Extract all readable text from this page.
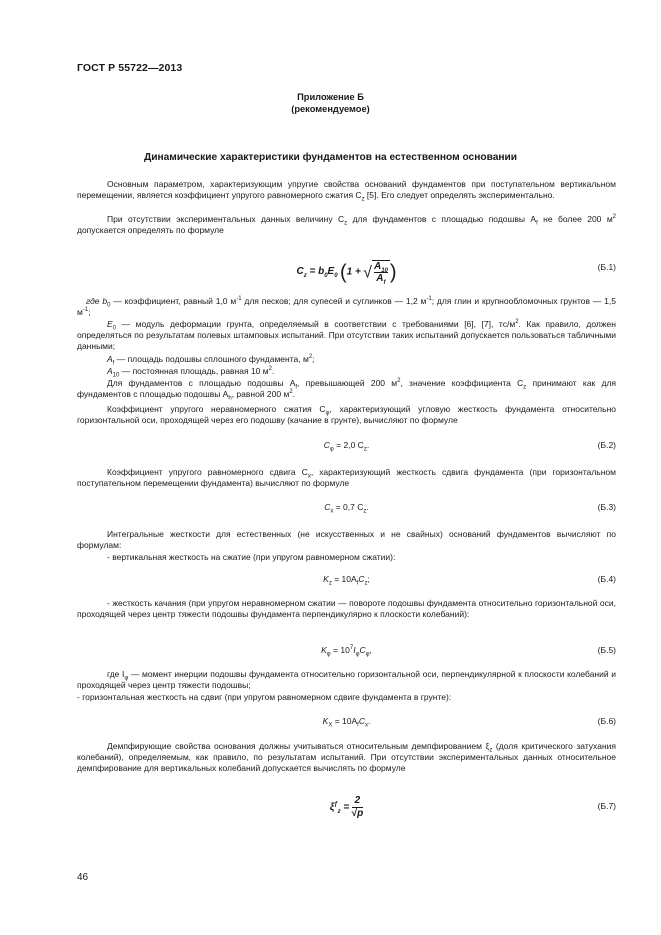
ГОСТ Р 55722—2013
Приложение Б
(рекомендуемое)
Динамические характеристики фундаментов на естественном основании

Основным параметром, характеризующим упругие свойства оснований фундаментов при поступательном вертикальном перемещении, является коэффициент упругого равномерного сжатия $C_z$ [5]. Его следует определять экспериментально.

При отсутствии экспериментальных данных величину $C_z$ для фундаментов с площадью подошвы $A_f$ не более 200 $м^2$ допускается определять по формуле

$C_z = b_0E_0$ (1 + √ $\frac{A_{10}}{A_f}$ )	(Б.1)

где $b_0$ — коэффициент, равный 1,0 $м^{-1}$ для песков; для супесей и суглинков — 1,2 $м^{-1}$; для глин и крупнообломочных грунтов — 1,5 $м^{-1}$;

$E_0$ — модуль деформации грунта, определяемый в соответствии с требованиями [6], [7], $тс/м^2$. Как правило, должен определяться по результатам полевых штамповых испытаний. При отсутствии таких испытаний допускается пользоваться табличными данными;

$A_f$ — площадь подошвы сплошного фундамента, $м^2$;

$A_{10}$ — постоянная площадь, равная 10 $м^2$.

Для фундаментов с площадью подошвы $A_f$, превышающей 200 $м^2$, значение коэффициента $C_z$ принимают как для фундаментов с площадью подошвы $A_h$, равной 200 $м^2$.

Коэффициент упругого неравномерного сжатия $C_\varphi$, характеризующий угловую жесткость фундамента относительно горизонтальной оси, проходящей через его подошву (качание в грунте), вычисляют по формуле

$C_\varphi = 2,0$ $C_z$.	(Б.2)

Коэффициент упругого равномерного сдвига $C_x$, характеризующий жесткость сдвига фундамента (при горизонтальном поступательном перемещении фундамента) вычисляют по формуле

$C_x = 0,7$ $C_z$.	(Б.3)

Интегральные жесткости для естественных (не искусственных и не свайных) оснований фундаментов вычисляют по формулам:

- вертикальная жесткость на сжатие (при упругом равномерном сжатии):

$K_z = 10A_fC_z$;	(Б.4)

- жесткость качания (при упругом неравномерном сжатии — повороте подошвы фундамента относительно горизонтальной оси, проходящей через центр тяжести подошвы фундамента перпендикулярно к плоскости колебаний):

$K_\varphi = 10^7I_\varphi C_\varphi$,	(Б.5)

где $I_\varphi$ — момент инерции подошвы фундамента относительно горизонтальной оси, перпендикулярной к плоскости колебаний и проходящей через центр тяжести подошвы;

- горизонтальная жесткость на сдвиг (при упругом равномерном сдвиге фундамента в грунте):

$K_X = 10A_fC_x$.	(Б.6)

Демпфирующие свойства основания должны учитываться относительным демпфированием $\xi_z$ (доля критического затухания колебаний), определяемым, как правило, по результатам испытаний. При отсутствии экспериментальных данных относительное демпфирование для вертикальных колебаний допускается вычислять по формуле

$\xi^ƒ_z = \frac{2}{√p}$	(Б.7)
46
